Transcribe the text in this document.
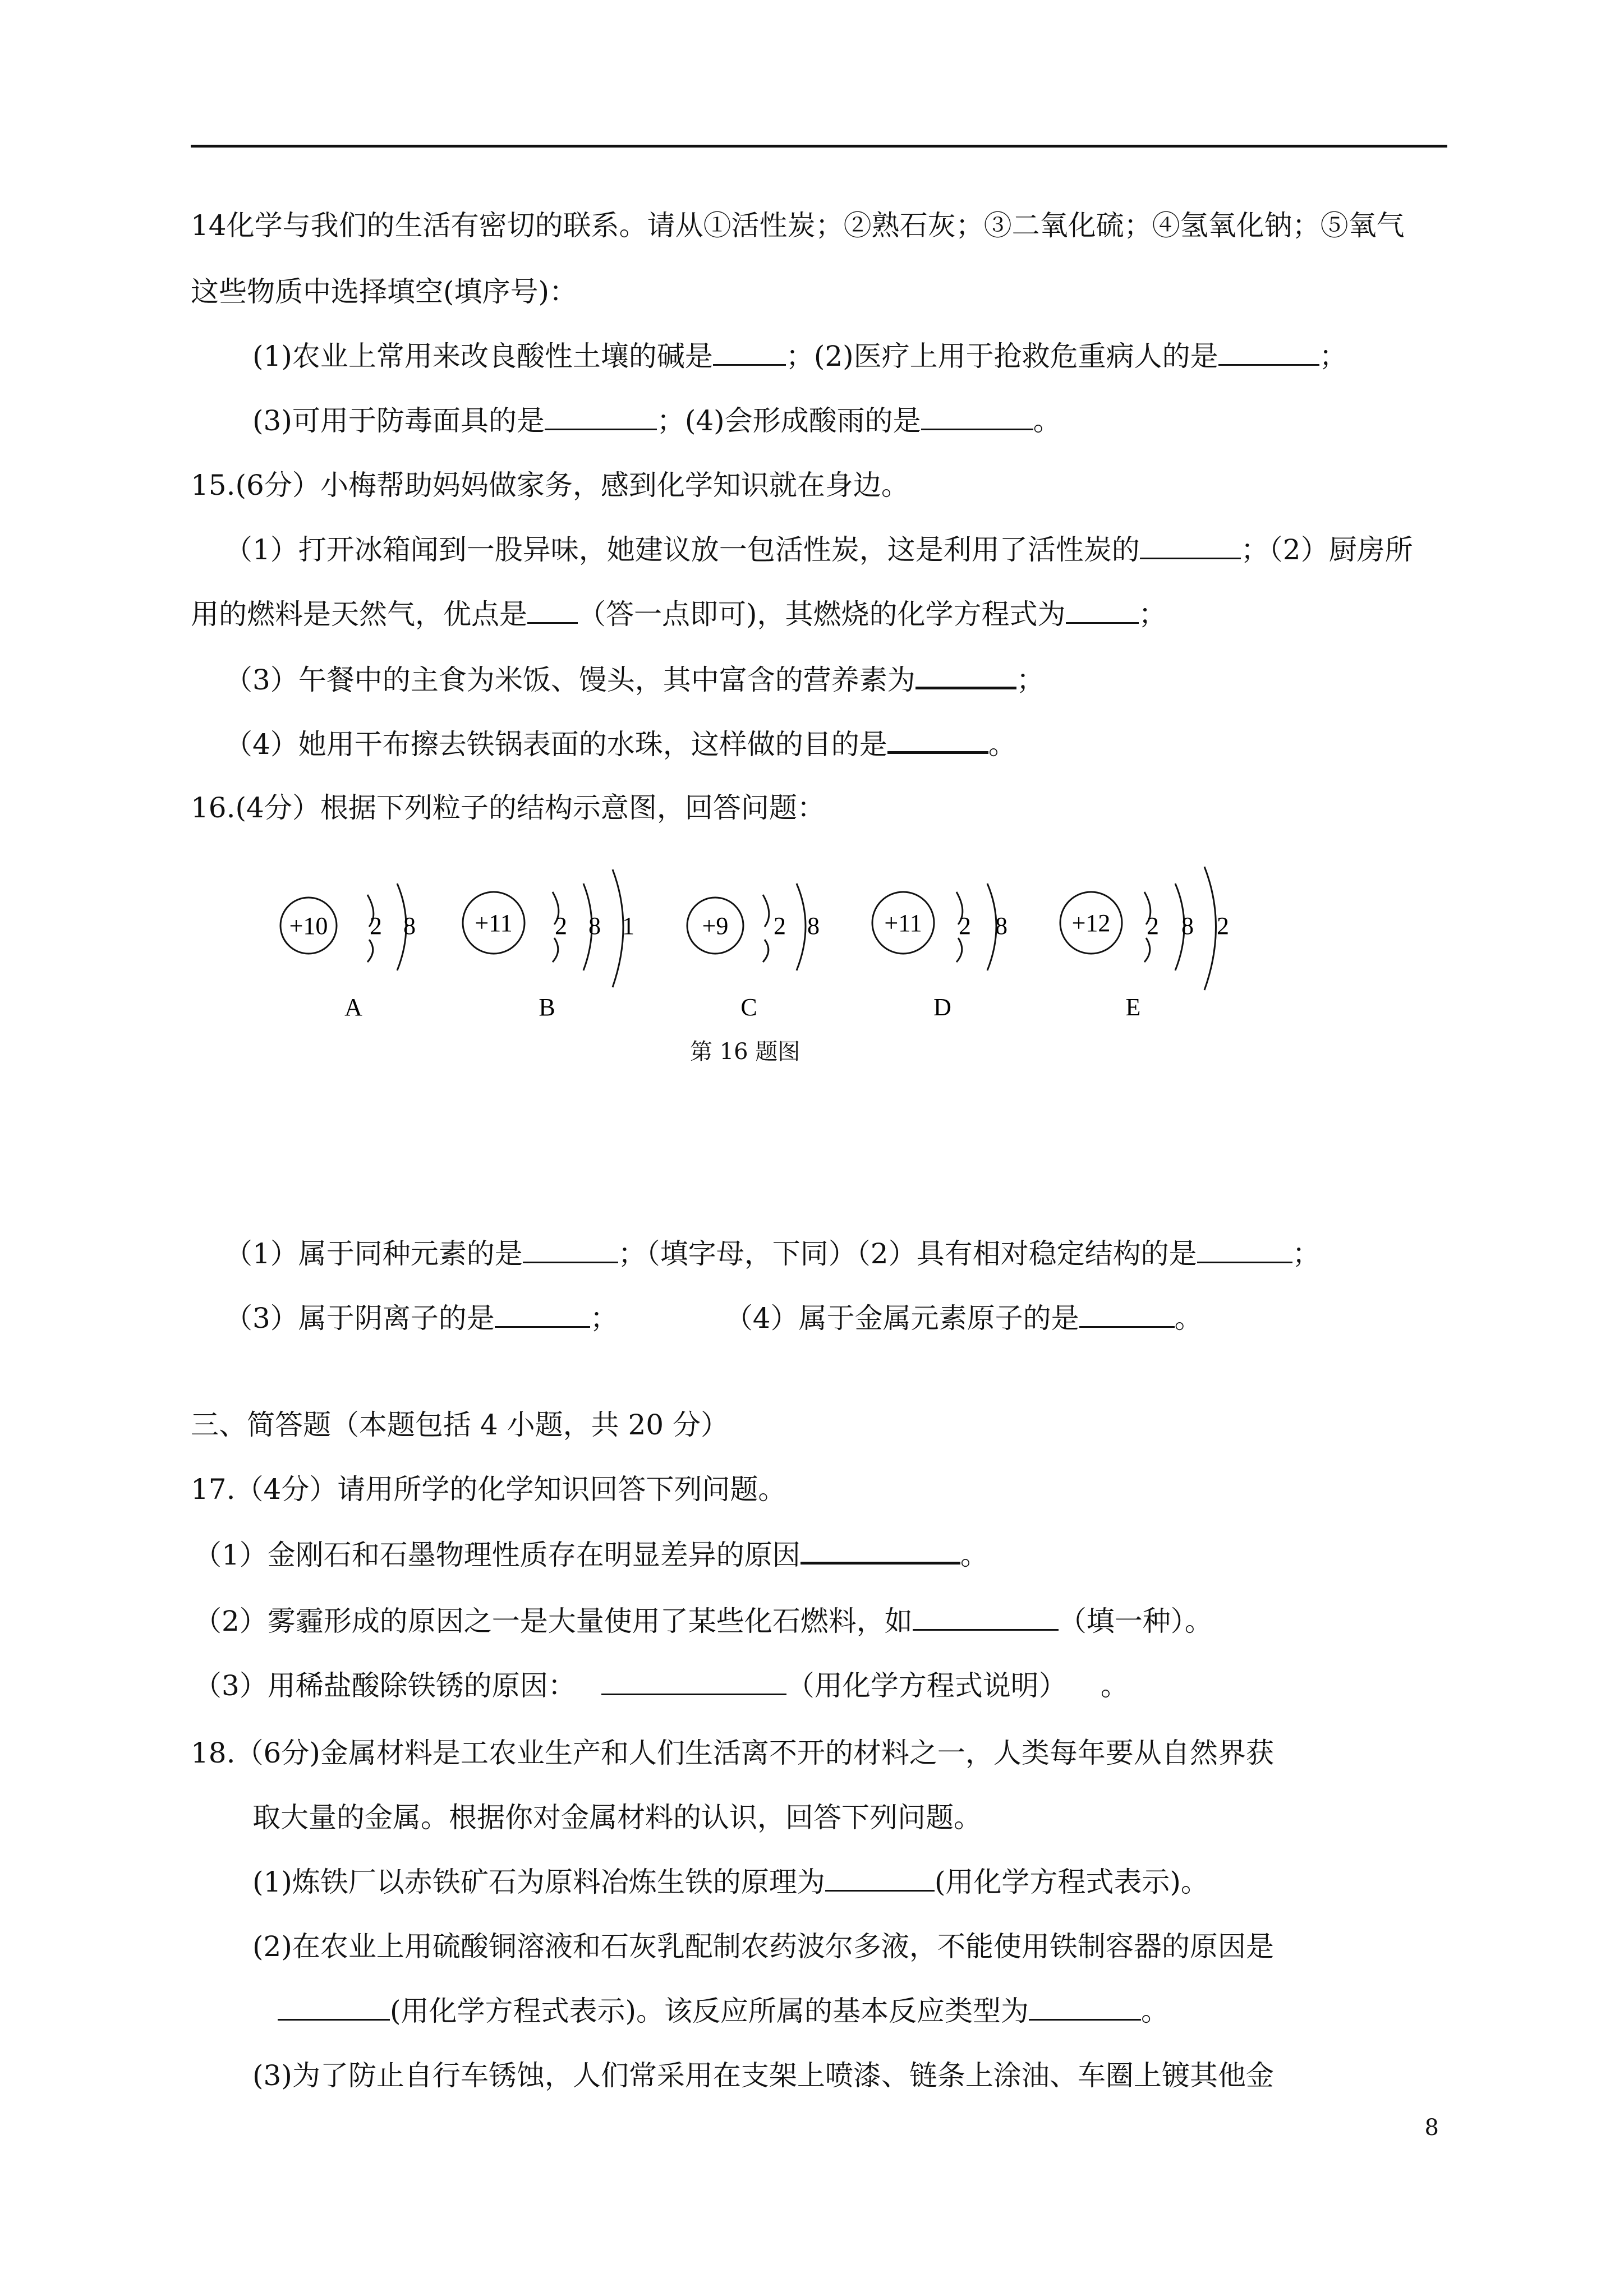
14化学与我们的生活有密切的联系。请从①活性炭；②熟石灰；③二氧化硫；④氢氧化钠；⑤氧气
这些物质中选择填空(填序号)：
(1)农业上常用来改良酸性土壤的碱是	；(2)医疗上用于抢救危重病人的是	；
(3)可用于防毒面具的是	；(4)会形成酸雨的是	。
15.(6分）小梅帮助妈妈做家务，感到化学知识就在身边。
（1）打开冰箱闻到一股异味，她建议放一包活性炭，这是利用了活性炭的	；（2）厨房所
用的燃料是天然气，优点是 （答一点即可)，其燃烧的化学方程式为	；
（3）午餐中的主食为米饭、馒头，其中富含的营养素为	；
（4）她用干布擦去铁锅表面的水珠，这样做的目的是	。
16.(4分）根据下列粒子的结构示意图，回答问题：
+10 2 8
A
+11 2 8 1
B
+9 2 8
C
+11 2 8
D
+12 2 8 2
E
第 16 题图
（1）属于同种元素的是	；（填字母，下同）（2）具有相对稳定结构的是	；
（3）属于阴离子的是	；	（4）属于金属元素原子的是	。
三、简答题（本题包括 4 小题，共 20 分）
17.（4分）请用所学的化学知识回答下列问题。
（1）金刚石和石墨物理性质存在明显差异的原因	。
（2）雾霾形成的原因之一是大量使用了某些化石燃料，如	（填一种）。
（3）用稀盐酸除铁锈的原因：	（用化学方程式说明） 。
18.（6分)金属材料是工农业生产和人们生活离不开的材料之一，人类每年要从自然界获
取大量的金属。根据你对金属材料的认识，回答下列问题。
(1)炼铁厂以赤铁矿石为原料冶炼生铁的原理为	(用化学方程式表示)。
(2)在农业上用硫酸铜溶液和石灰乳配制农药波尔多液，不能使用铁制容器的原因是
(用化学方程式表示)。该反应所属的基本反应类型为	。
(3)为了防止自行车锈蚀，人们常采用在支架上喷漆、链条上涂油、车圈上镀其他金
8
